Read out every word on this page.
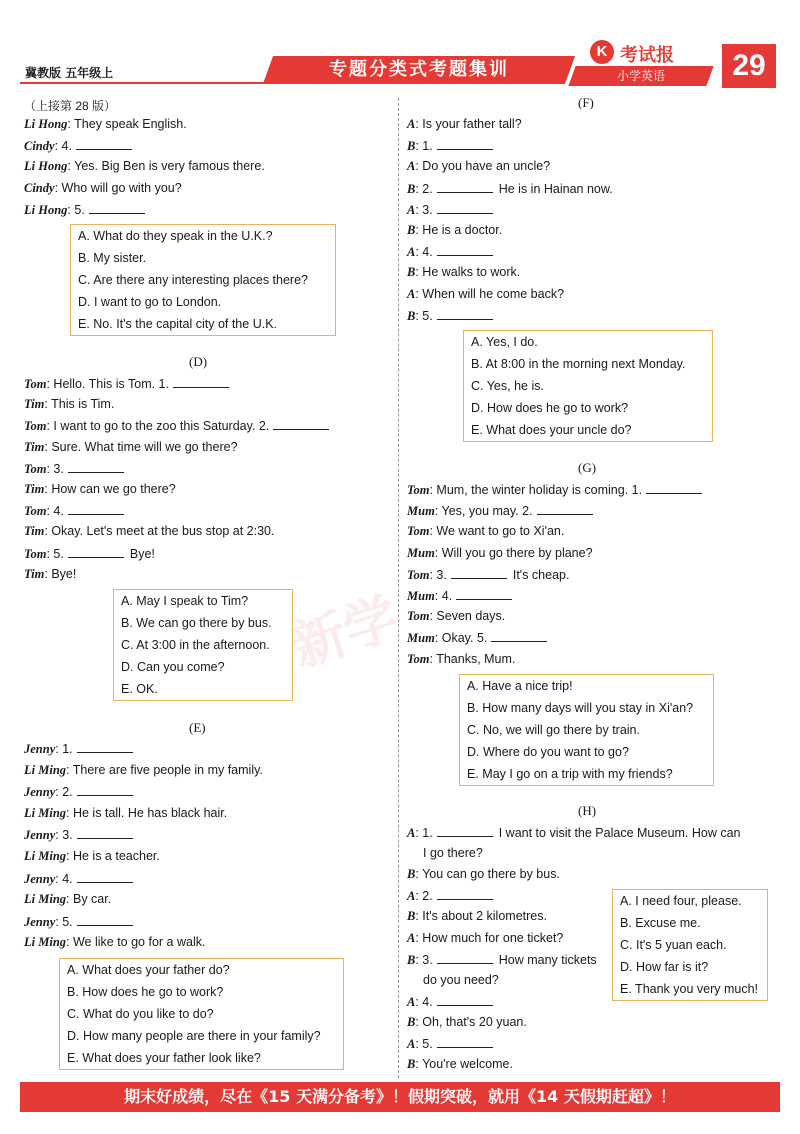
冀教版 五年级上	专题分类式考题集训
K 考试报
小学英语	29
新学
（上接第 28 版）
Li Hong: They speak English.
Cindy: 4.
Li Hong: Yes. Big Ben is very famous there.
Cindy: Who will go with you?
Li Hong: 5.
A. What do they speak in the U.K.?
B. My sister.
C. Are there any interesting places there?
D. I want to go to London.
E. No. It's the capital city of the U.K.
(D)
Tom: Hello. This is Tom. 1.
Tim: This is Tim.
Tom: I want to go to the zoo this Saturday. 2.
Tim: Sure. What time will we go there?
Tom: 3.
Tim: How can we go there?
Tom: 4.
Tim: Okay. Let's meet at the bus stop at 2:30.
Tom: 5.	Bye!
Tim: Bye!
A. May I speak to Tim?
B. We can go there by bus.
C. At 3:00 in the afternoon.
D. Can you come?
E. OK.
(E)
Jenny: 1.
Li Ming: There are five people in my family.
Jenny: 2.
Li Ming: He is tall. He has black hair.
Jenny: 3.
Li Ming: He is a teacher.
Jenny: 4.
Li Ming: By car.
Jenny: 5.
Li Ming: We like to go for a walk.
A. What does your father do?
B. How does he go to work?
C. What do you like to do?
D. How many people are there in your family?
E. What does your father look like?
(F)
A: Is your father tall?
B: 1.
A: Do you have an uncle?
B: 2.	He is in Hainan now.
A: 3.
B: He is a doctor.
A: 4.
B: He walks to work.
A: When will he come back?
B: 5.
A. Yes, I do.
B. At 8:00 in the morning next Monday.
C. Yes, he is.
D. How does he go to work?
E. What does your uncle do?
(G)
Tom: Mum, the winter holiday is coming. 1.
Mum: Yes, you may. 2.
Tom: We want to go to Xi'an.
Mum: Will you go there by plane?
Tom: 3.	It's cheap.
Mum: 4.
Tom: Seven days.
Mum: Okay. 5.
Tom: Thanks, Mum.
A. Have a nice trip!
B. How many days will you stay in Xi'an?
C. No, we will go there by train.
D. Where do you want to go?
E. May I go on a trip with my friends?
(H)
A: 1.	I want to visit the Palace Museum. How can
I go there?
B: You can go there by bus.
A: 2.
B: It's about 2 kilometres.
A: How much for one ticket?
B: 3.	How many tickets
do you need?
A: 4.
B: Oh, that's 20 yuan.
A: 5.
B: You're welcome.
A. I need four, please.
B. Excuse me.
C. It's 5 yuan each.
D. How far is it?
E. Thank you very much!
期末好成绩，尽在《15 天满分备考》！假期突破，就用《14 天假期赶超》！
